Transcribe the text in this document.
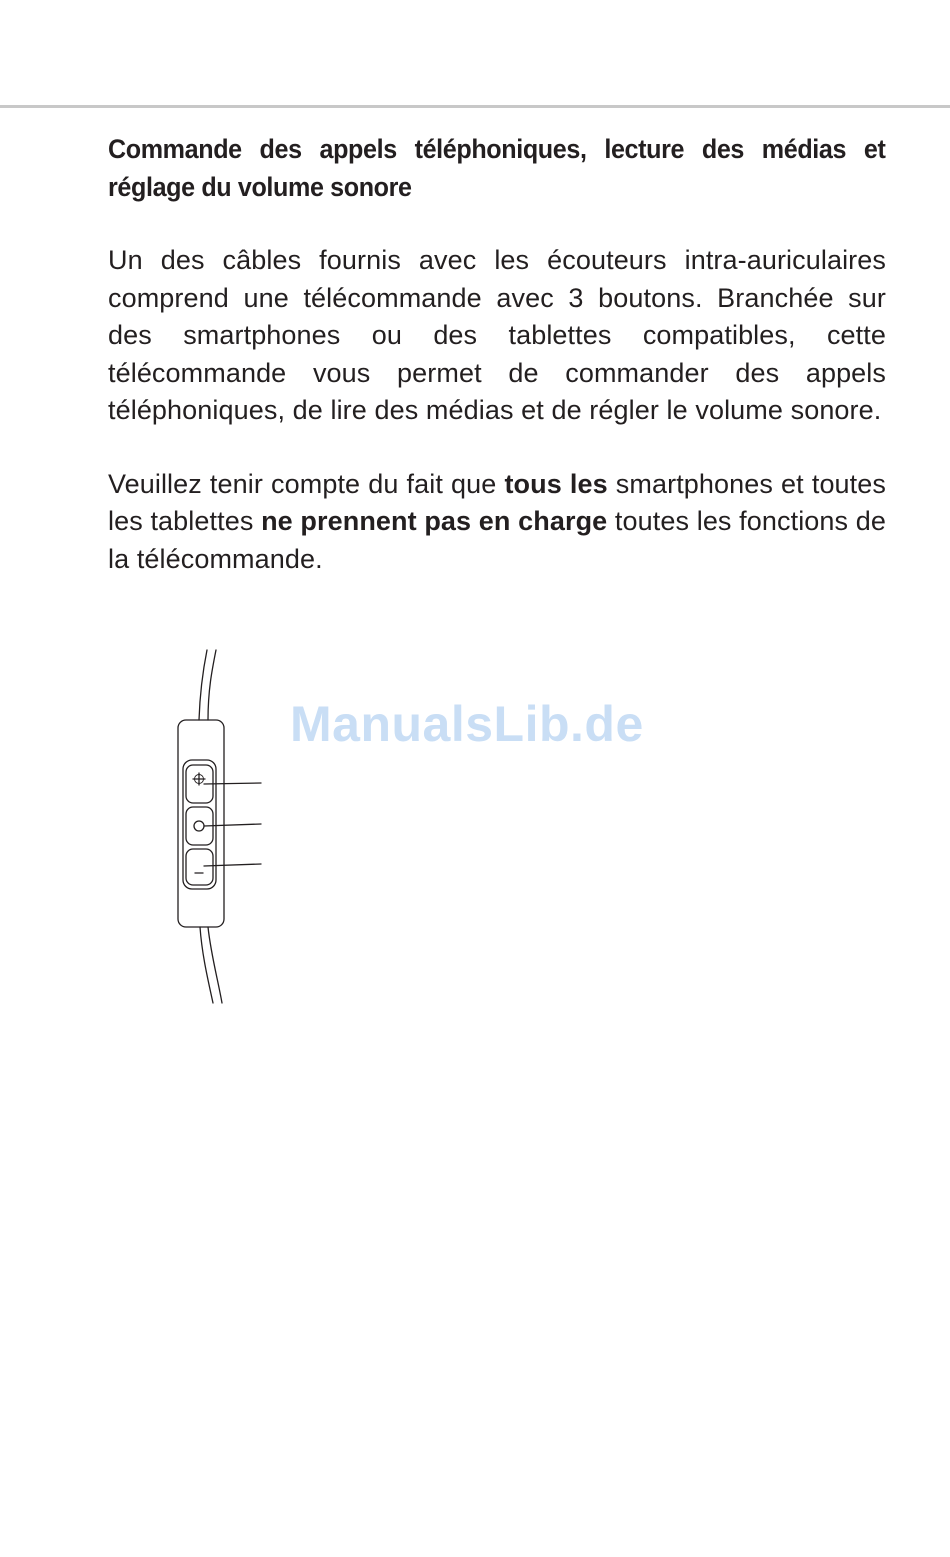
Commande des appels téléphoniques, lecture des médias et réglage du volume sonore

Un des câbles fournis avec les écouteurs intra-auriculaires comprend une télécommande avec 3 boutons. Branchée sur des smartphones ou des tablettes compatibles, cette télécommande vous permet de commander des appels téléphoniques, de lire des médias et de régler le volume sonore.

Veuillez tenir compte du fait que tous les smartphones et toutes les tablettes ne prennent pas en charge toutes les fonctions de la télécommande.

ManualsLib.de
